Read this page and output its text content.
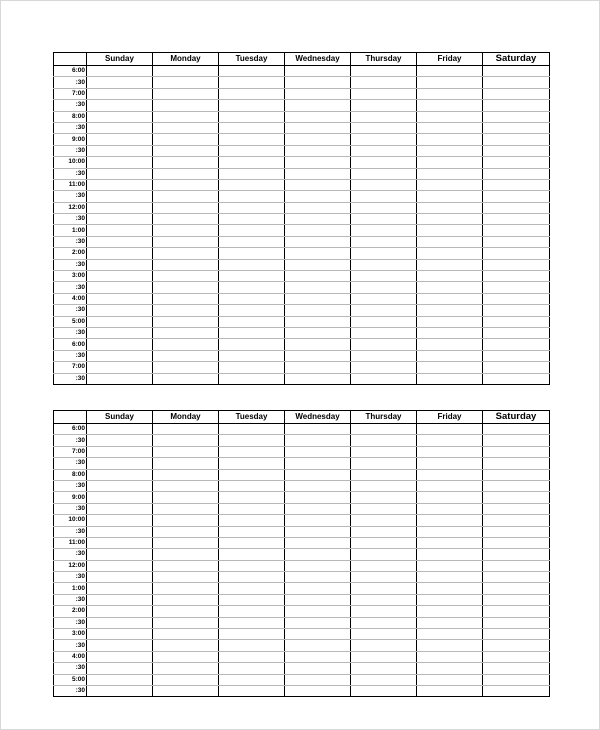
	Sunday	Monday	Tuesday	Wednesday	Thursday	Friday	Saturday
6:00							
:30							
7:00							
:30							
8:00							
:30							
9:00							
:30							
10:00							
:30							
11:00							
:30							
12:00							
:30							
1:00							
:30							
2:00							
:30							
3:00							
:30							
4:00							
:30							
5:00							
:30							
6:00							
:30							
7:00							
:30							
	Sunday	Monday	Tuesday	Wednesday	Thursday	Friday	Saturday
6:00							
:30							
7:00							
:30							
8:00							
:30							
9:00							
:30							
10:00							
:30							
11:00							
:30							
12:00							
:30							
1:00							
:30							
2:00							
:30							
3:00							
:30							
4:00							
:30							
5:00							
:30							
